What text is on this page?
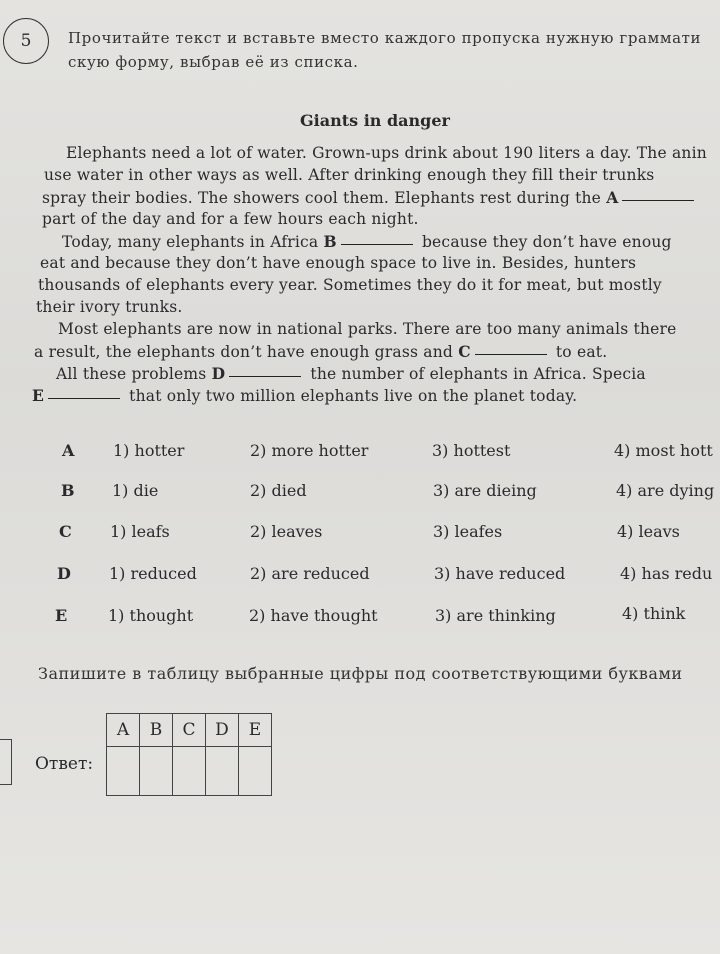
5 Прочитайте текст и вставьте вместо каждого пропуска нужную граммати
скую форму, выбрав её из списка.
Giants in danger
Elephants need a lot of water. Grown-ups drink about 190 liters a day. The anin
use water in other ways as well. After drinking enough they fill their trunks
spray their bodies. The showers cool them. Elephants rest during the A
part of the day and for a few hours each night.
Today, many elephants in Africa B	because they don’t have enoug
eat and because they don’t have enough space to live in. Besides, hunters
thousands of elephants every year. Sometimes they do it for meat, but mostly
their ivory trunks.
Most elephants are now in national parks. There are too many animals there
a result, the elephants don’t have enough grass and C	to eat.
All these problems D	the number of elephants in Africa. Specia
E	that only two million elephants live on the planet today.
A 1) hotter	2) more hotter	3) hottest	4) most hott
B 1) die	2) died	3) are dieing	4) are dying
C 1) leafs	2) leaves	3) leafes	4) leavs
D 1) reduced	2) are reduced	3) have reduced	4) has redu
E	1) thought	2) have thought	3) are thinking	4) think
Запишите в таблицу выбранные цифры под соответствующими буквами
Ответ:
A	B	C	D	E
